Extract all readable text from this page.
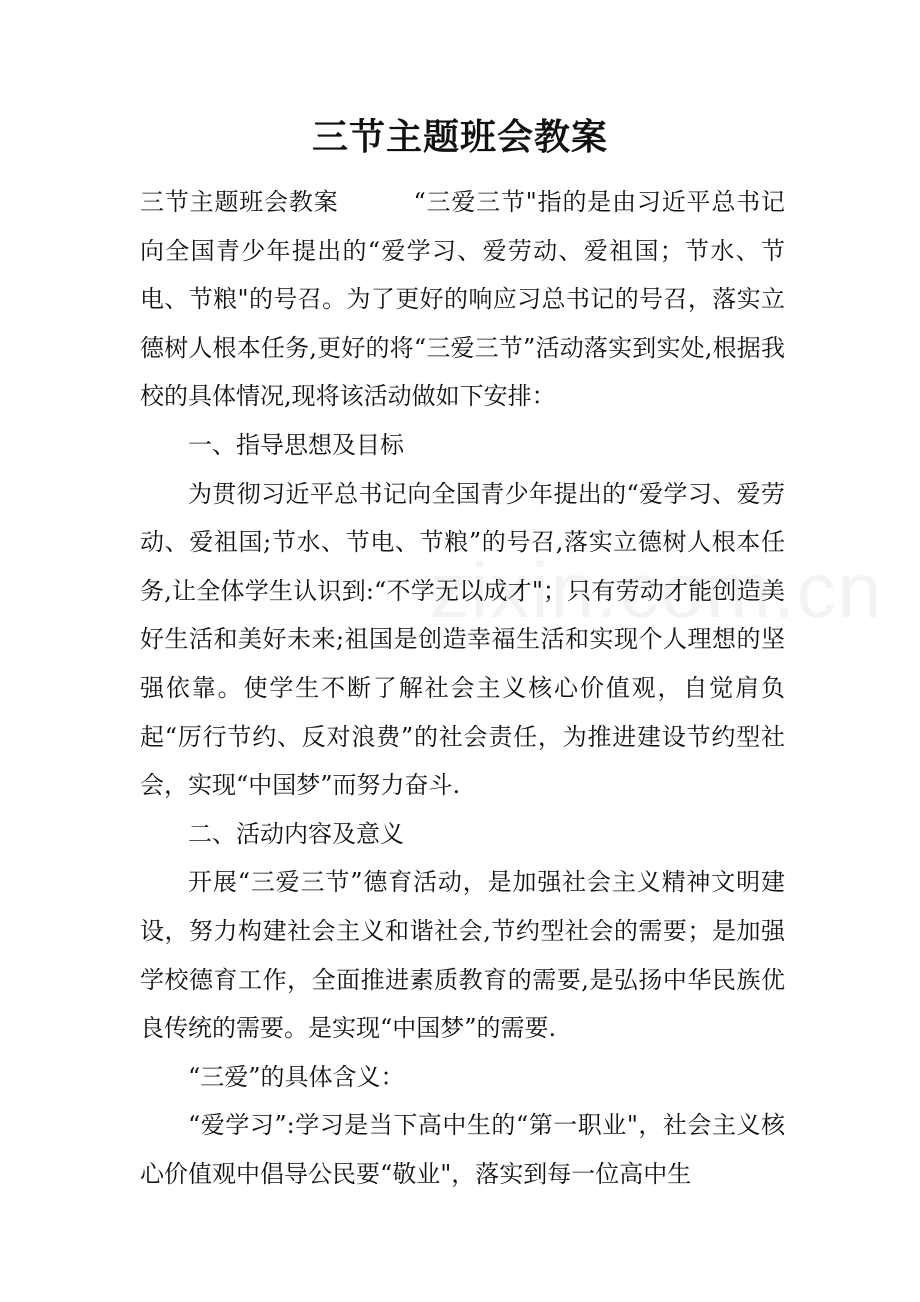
三节主题班会教案

三节主题班会教案 　 　 “三爱三节"指的是由习近平总书记向全国青少年提出的“爱学习、爱劳动、爱祖国；节水、节电、节粮"的号召。为了更好的响应习总书记的号召，落实立德树人根本任务,更好的将“三爱三节”活动落实到实处,根据我校的具体情况,现将该活动做如下安排：

一、指导思想及目标

为贯彻习近平总书记向全国青少年提出的“爱学习、爱劳动、爱祖国;节水、节电、节粮”的号召,落实立德树人根本任务,让全体学生认识到:“不学无以成才"；只有劳动才能创造美好生活和美好未来;祖国是创造幸福生活和实现个人理想的坚强依靠。使学生不断了解社会主义核心价值观，自觉肩负起“厉行节约、反对浪费”的社会责任，为推进建设节约型社会，实现“中国梦”而努力奋斗.

二、活动内容及意义

开展“三爱三节”德育活动，是加强社会主义精神文明建设，努力构建社会主义和谐社会,节约型社会的需要；是加强学校德育工作，全面推进素质教育的需要,是弘扬中华民族优良传统的需要。是实现“中国梦”的需要.

“三爱”的具体含义：

“爱学习”:学习是当下高中生的“第一职业"，社会主义核心价值观中倡导公民要“敬业"，落实到每一位高中生
